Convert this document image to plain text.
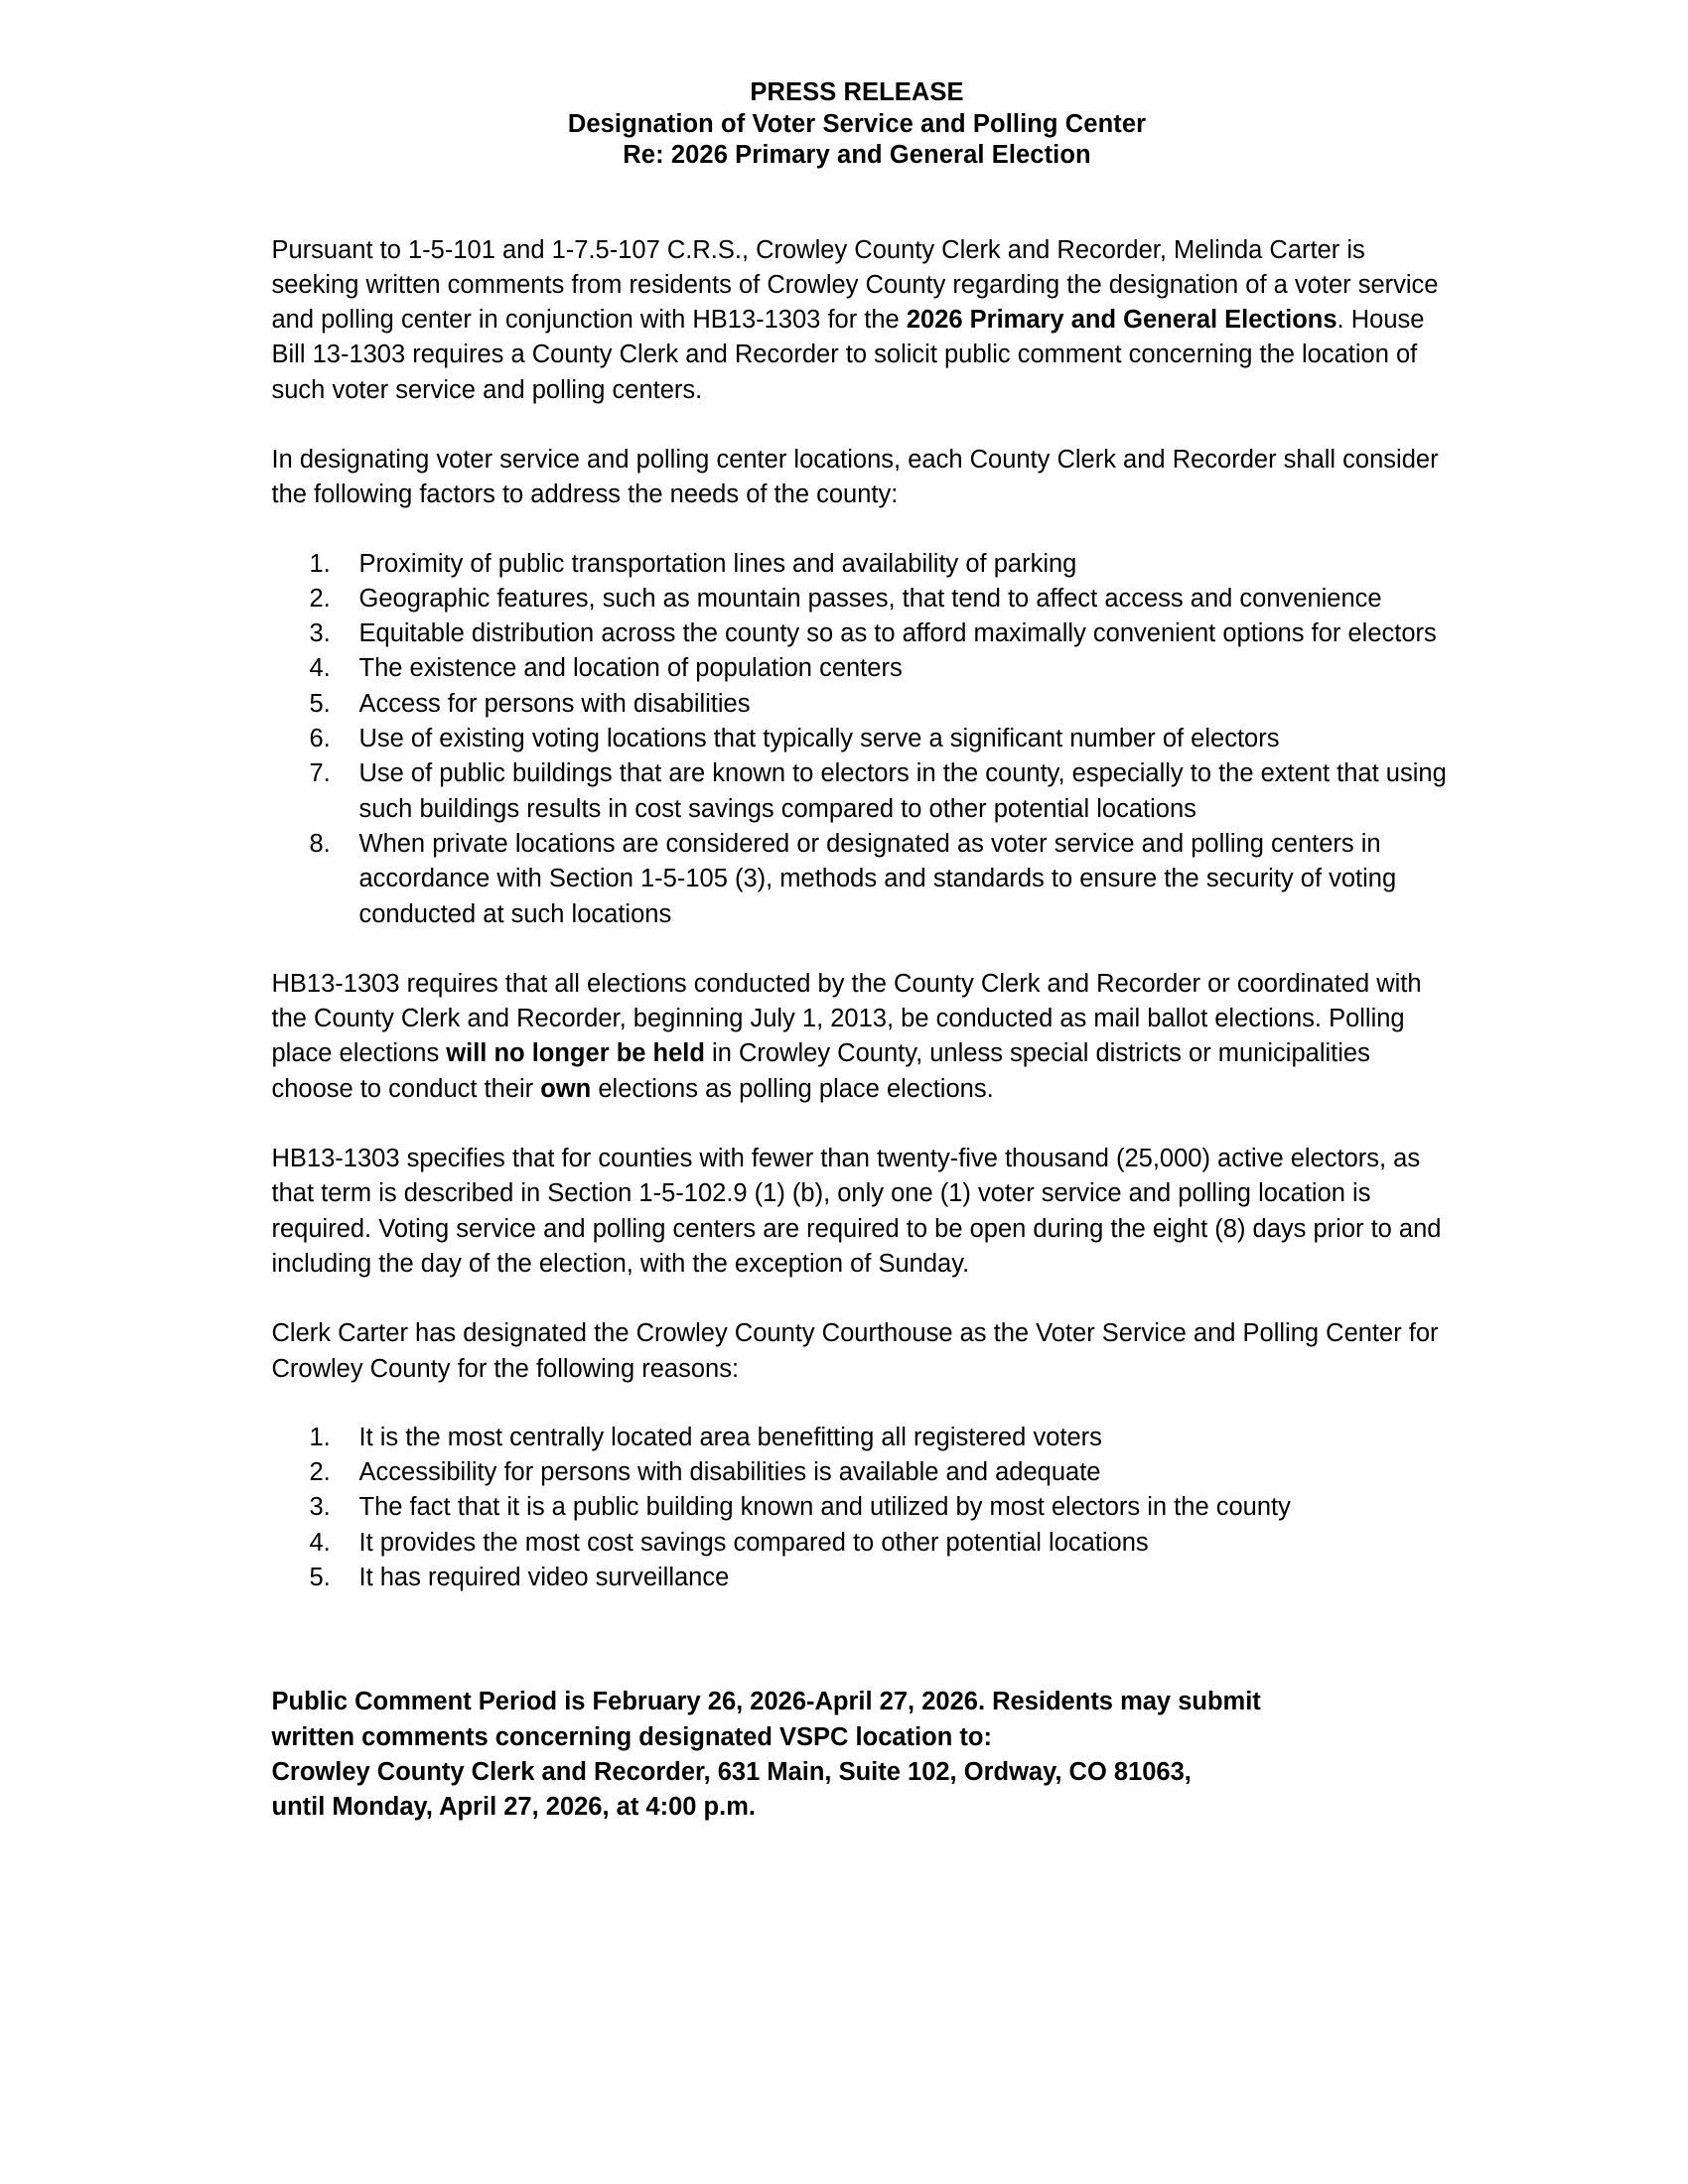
PRESS RELEASE
Designation of Voter Service and Polling Center
Re: 2026 Primary and General Election

Pursuant to 1-5-101 and 1-7.5-107 C.R.S., Crowley County Clerk and Recorder, Melinda Carter is seeking written comments from residents of Crowley County regarding the designation of a voter service and polling center in conjunction with HB13-1303 for the 2026 Primary and General Elections. House Bill 13-1303 requires a County Clerk and Recorder to solicit public comment concerning the location of such voter service and polling centers.

In designating voter service and polling center locations, each County Clerk and Recorder shall consider the following factors to address the needs of the county:

1.	Proximity of public transportation lines and availability of parking
2.	Geographic features, such as mountain passes, that tend to affect access and convenience
3.	Equitable distribution across the county so as to afford maximally convenient options for electors
4.	The existence and location of population centers
5.	Access for persons with disabilities
6.	Use of existing voting locations that typically serve a significant number of electors
7.	Use of public buildings that are known to electors in the county, especially to the extent that using such buildings results in cost savings compared to other potential locations
8.	When private locations are considered or designated as voter service and polling centers in accordance with Section 1-5-105 (3), methods and standards to ensure the security of voting conducted at such locations

HB13-1303 requires that all elections conducted by the County Clerk and Recorder or coordinated with the County Clerk and Recorder, beginning July 1, 2013, be conducted as mail ballot elections. Polling place elections will no longer be held in Crowley County, unless special districts or municipalities choose to conduct their own elections as polling place elections.

HB13-1303 specifies that for counties with fewer than twenty-five thousand (25,000) active electors, as that term is described in Section 1-5-102.9 (1) (b), only one (1) voter service and polling location is required. Voting service and polling centers are required to be open during the eight (8) days prior to and including the day of the election, with the exception of Sunday.

Clerk Carter has designated the Crowley County Courthouse as the Voter Service and Polling Center for Crowley County for the following reasons:

1.	It is the most centrally located area benefitting all registered voters
2.	Accessibility for persons with disabilities is available and adequate
3.	The fact that it is a public building known and utilized by most electors in the county
4.	It provides the most cost savings compared to other potential locations
5.	It has required video surveillance
Public Comment Period is February 26, 2026-April 27, 2026. Residents may submit
written comments concerning designated VSPC location to:
Crowley County Clerk and Recorder, 631 Main, Suite 102, Ordway, CO 81063,
until Monday, April 27, 2026, at 4:00 p.m.
